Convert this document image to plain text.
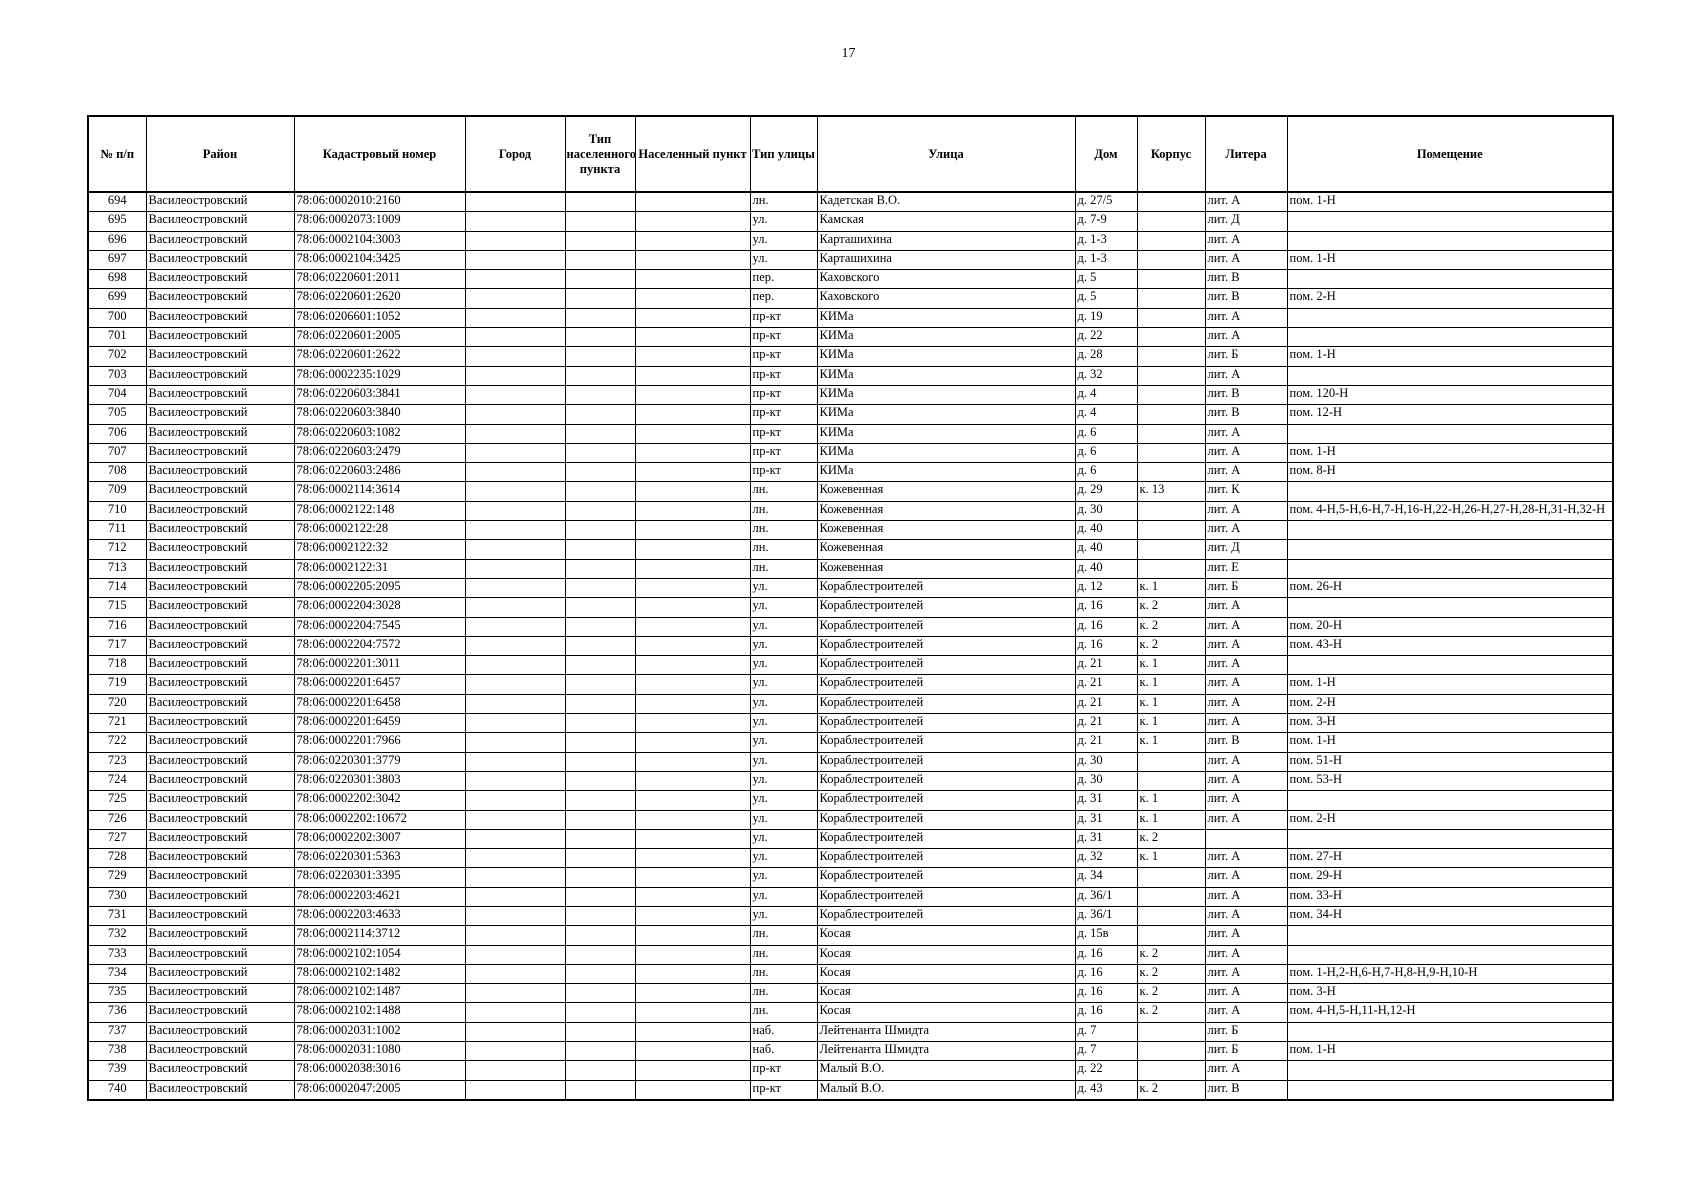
17
№ п/п	Район	Кадастровый номер	Город	Тип населенного пункта	Населенный пункт	Тип улицы	Улица	Дом	Корпус	Литера	Помещение
694	Василеостровский	78:06:0002010:2160				лн.	Кадетская В.О.	д. 27/5		лит. А	пом. 1-Н
695	Василеостровский	78:06:0002073:1009				ул.	Камская	д. 7-9		лит. Д	
696	Василеостровский	78:06:0002104:3003				ул.	Карташихина	д. 1-3		лит. А	
697	Василеостровский	78:06:0002104:3425				ул.	Карташихина	д. 1-3		лит. А	пом. 1-Н
698	Василеостровский	78:06:0220601:2011				пер.	Каховского	д. 5		лит. В	
699	Василеостровский	78:06:0220601:2620				пер.	Каховского	д. 5		лит. В	пом. 2-Н
700	Василеостровский	78:06:0206601:1052				пр-кт	КИМа	д. 19		лит. А	
701	Василеостровский	78:06:0220601:2005				пр-кт	КИМа	д. 22		лит. А	
702	Василеостровский	78:06:0220601:2622				пр-кт	КИМа	д. 28		лит. Б	пом. 1-Н
703	Василеостровский	78:06:0002235:1029				пр-кт	КИМа	д. 32		лит. А	
704	Василеостровский	78:06:0220603:3841				пр-кт	КИМа	д. 4		лит. В	пом. 120-Н
705	Василеостровский	78:06:0220603:3840				пр-кт	КИМа	д. 4		лит. В	пом. 12-Н
706	Василеостровский	78:06:0220603:1082				пр-кт	КИМа	д. 6		лит. А	
707	Василеостровский	78:06:0220603:2479				пр-кт	КИМа	д. 6		лит. А	пом. 1-Н
708	Василеостровский	78:06:0220603:2486				пр-кт	КИМа	д. 6		лит. А	пом. 8-Н
709	Василеостровский	78:06:0002114:3614				лн.	Кожевенная	д. 29	к. 13	лит. К	
710	Василеостровский	78:06:0002122:148				лн.	Кожевенная	д. 30		лит. А	пом. 4-Н,5-Н,6-Н,7-Н,16-Н,22-Н,26-Н,27-Н,28-Н,31-Н,32-Н
711	Василеостровский	78:06:0002122:28				лн.	Кожевенная	д. 40		лит. А	
712	Василеостровский	78:06:0002122:32				лн.	Кожевенная	д. 40		лит. Д	
713	Василеостровский	78:06:0002122:31				лн.	Кожевенная	д. 40		лит. Е	
714	Василеостровский	78:06:0002205:2095				ул.	Кораблестроителей	д. 12	к. 1	лит. Б	пом. 26-Н
715	Василеостровский	78:06:0002204:3028				ул.	Кораблестроителей	д. 16	к. 2	лит. А	
716	Василеостровский	78:06:0002204:7545				ул.	Кораблестроителей	д. 16	к. 2	лит. А	пом. 20-Н
717	Василеостровский	78:06:0002204:7572				ул.	Кораблестроителей	д. 16	к. 2	лит. А	пом. 43-Н
718	Василеостровский	78:06:0002201:3011				ул.	Кораблестроителей	д. 21	к. 1	лит. А	
719	Василеостровский	78:06:0002201:6457				ул.	Кораблестроителей	д. 21	к. 1	лит. А	пом. 1-Н
720	Василеостровский	78:06:0002201:6458				ул.	Кораблестроителей	д. 21	к. 1	лит. А	пом. 2-Н
721	Василеостровский	78:06:0002201:6459				ул.	Кораблестроителей	д. 21	к. 1	лит. А	пом. 3-Н
722	Василеостровский	78:06:0002201:7966				ул.	Кораблестроителей	д. 21	к. 1	лит. В	пом. 1-Н
723	Василеостровский	78:06:0220301:3779				ул.	Кораблестроителей	д. 30		лит. А	пом. 51-Н
724	Василеостровский	78:06:0220301:3803				ул.	Кораблестроителей	д. 30		лит. А	пом. 53-Н
725	Василеостровский	78:06:0002202:3042				ул.	Кораблестроителей	д. 31	к. 1	лит. А	
726	Василеостровский	78:06:0002202:10672				ул.	Кораблестроителей	д. 31	к. 1	лит. А	пом. 2-Н
727	Василеостровский	78:06:0002202:3007				ул.	Кораблестроителей	д. 31	к. 2		
728	Василеостровский	78:06:0220301:5363				ул.	Кораблестроителей	д. 32	к. 1	лит. А	пом. 27-Н
729	Василеостровский	78:06:0220301:3395				ул.	Кораблестроителей	д. 34		лит. А	пом. 29-Н
730	Василеостровский	78:06:0002203:4621				ул.	Кораблестроителей	д. 36/1		лит. А	пом. 33-Н
731	Василеостровский	78:06:0002203:4633				ул.	Кораблестроителей	д. 36/1		лит. А	пом. 34-Н
732	Василеостровский	78:06:0002114:3712				лн.	Косая	д. 15в		лит. А	
733	Василеостровский	78:06:0002102:1054				лн.	Косая	д. 16	к. 2	лит. А	
734	Василеостровский	78:06:0002102:1482				лн.	Косая	д. 16	к. 2	лит. А	пом. 1-Н,2-Н,6-Н,7-Н,8-Н,9-Н,10-Н
735	Василеостровский	78:06:0002102:1487				лн.	Косая	д. 16	к. 2	лит. А	пом. 3-Н
736	Василеостровский	78:06:0002102:1488				лн.	Косая	д. 16	к. 2	лит. А	пом. 4-Н,5-Н,11-Н,12-Н
737	Василеостровский	78:06:0002031:1002				наб.	Лейтенанта Шмидта	д. 7		лит. Б	
738	Василеостровский	78:06:0002031:1080				наб.	Лейтенанта Шмидта	д. 7		лит. Б	пом. 1-Н
739	Василеостровский	78:06:0002038:3016				пр-кт	Малый В.О.	д. 22		лит. А	
740	Василеостровский	78:06:0002047:2005				пр-кт	Малый В.О.	д. 43	к. 2	лит. В	
